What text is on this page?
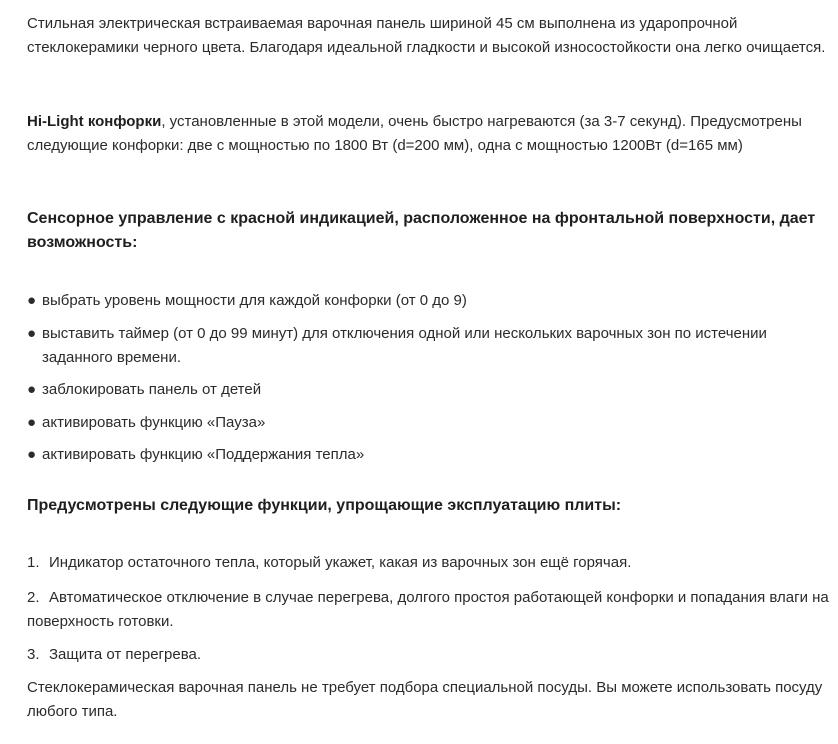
Стильная электрическая встраиваемая варочная панель шириной 45 см выполнена из ударопрочной стеклокерамики черного цвета. Благодаря идеальной гладкости и высокой износостойкости она легко очищается.

Hi-Light конфорки, установленные в этой модели, очень быстро нагреваются (за 3-7 секунд). Предусмотрены следующие конфорки: две с мощностью по 1800 Вт (d=200 мм), одна с мощностью 1200Вт (d=165 мм)

Сенсорное управление с красной индикацией, расположенное на фронтальной поверхности, дает возможность:

● выбрать уровень мощности для каждой конфорки (от 0 до 9)
● выставить таймер (от 0 до 99 минут) для отключения одной или нескольких варочных зон по истечении заданного времени.
● заблокировать панель от детей
● активировать функцию «Пауза»
● активировать функцию «Поддержания тепла»

Предусмотрены следующие функции, упрощающие эксплуатацию плиты:

1. Индикатор остаточного тепла, который укажет, какая из варочных зон ещё горячая.
2. Автоматическое отключение в случае перегрева, долгого простоя работающей конфорки и попадания влаги на поверхность готовки.
3. Защита от перегрева.

Стеклокерамическая варочная панель не требует подбора специальной посуды. Вы можете использовать посуду любого типа.
